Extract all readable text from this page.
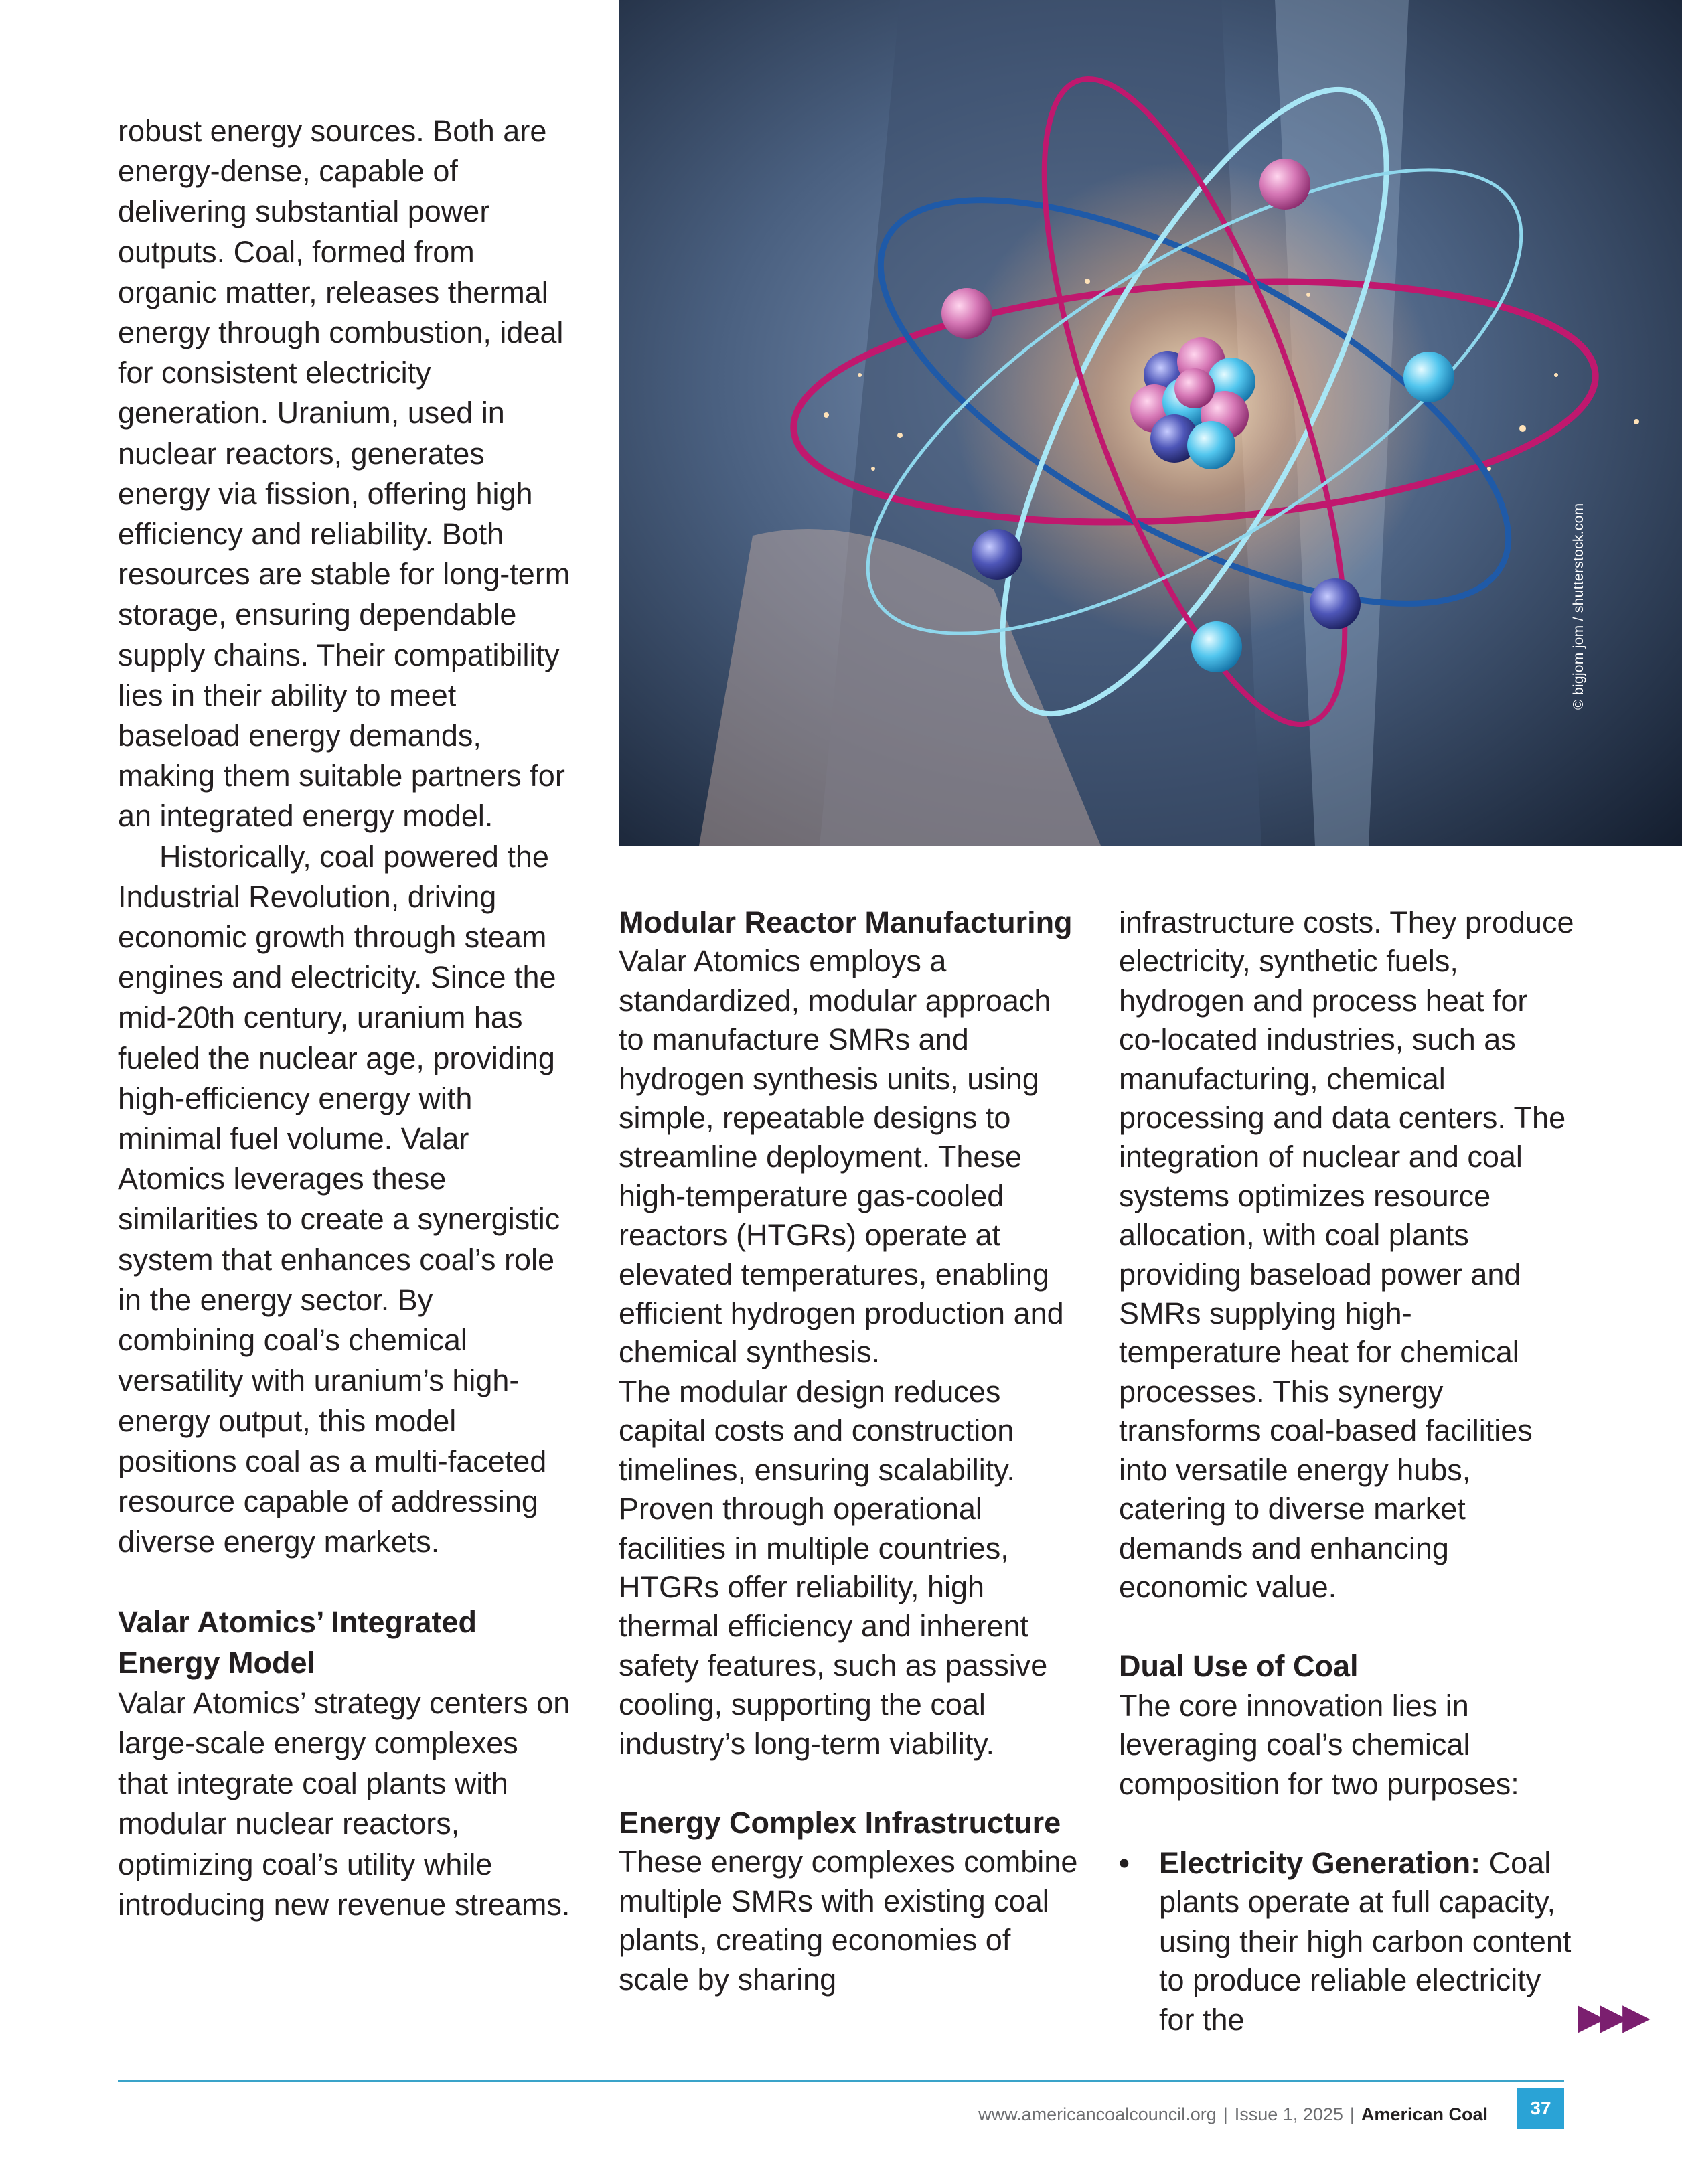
robust energy sources. Both are energy-dense, capable of delivering substantial power outputs. Coal, formed from organic matter, releases thermal energy through combustion, ideal for consistent electricity generation. Uranium, used in nuclear reactors, generates energy via fission, offering high efficiency and reliability. Both resources are stable for long-term storage, ensuring dependable supply chains. Their compatibility lies in their ability to meet baseload energy demands, making them suitable partners for an integrated energy model.

Historically, coal powered the Industrial Revolution, driving economic growth through steam engines and electricity. Since the mid-20th century, uranium has fueled the nuclear age, providing high-efficiency energy with minimal fuel volume. Valar Atomics leverages these similarities to create a synergistic system that enhances coal’s role in the energy sector. By combining coal’s chemical versatility with uranium’s high-energy output, this model positions coal as a multi-faceted resource capable of addressing diverse energy markets.

Valar Atomics’ Integrated Energy Model

Valar Atomics’ strategy centers on large-scale energy complexes that integrate coal plants with modular nuclear reactors, optimizing coal’s utility while introducing new revenue streams.

© bigjom jom / shutterstock.com

Modular Reactor Manufacturing

Valar Atomics employs a standardized, modular approach to manufacture SMRs and hydrogen synthesis units, using simple, repeatable designs to streamline deployment. These high-temperature gas-cooled reactors (HTGRs) operate at elevated temperatures, enabling efficient hydrogen production and chemical synthesis.

The modular design reduces capital costs and construction timelines, ensuring scalability. Proven through operational facilities in multiple countries, HTGRs offer reliability, high thermal efficiency and inherent safety features, such as passive cooling, supporting the coal industry’s long-term viability.

Energy Complex Infrastructure

These energy complexes combine multiple SMRs with existing coal plants, creating economies of scale by sharing

infrastructure costs. They produce electricity, synthetic fuels, hydrogen and process heat for co-located industries, such as manufacturing, chemical processing and data centers. The integration of nuclear and coal systems optimizes resource allocation, with coal plants providing baseload power and SMRs supplying high-temperature heat for chemical processes. This synergy transforms coal-based facilities into versatile energy hubs, catering to diverse market demands and enhancing economic value.

Dual Use of Coal

The core innovation lies in leveraging coal’s chemical composition for two purposes:

• Electricity Generation: Coal plants operate at full capacity, using their high carbon content to produce reliable electricity for the	▶▶▶
www.americancoalcouncil.org | Issue 1, 2025 | American Coal	37
